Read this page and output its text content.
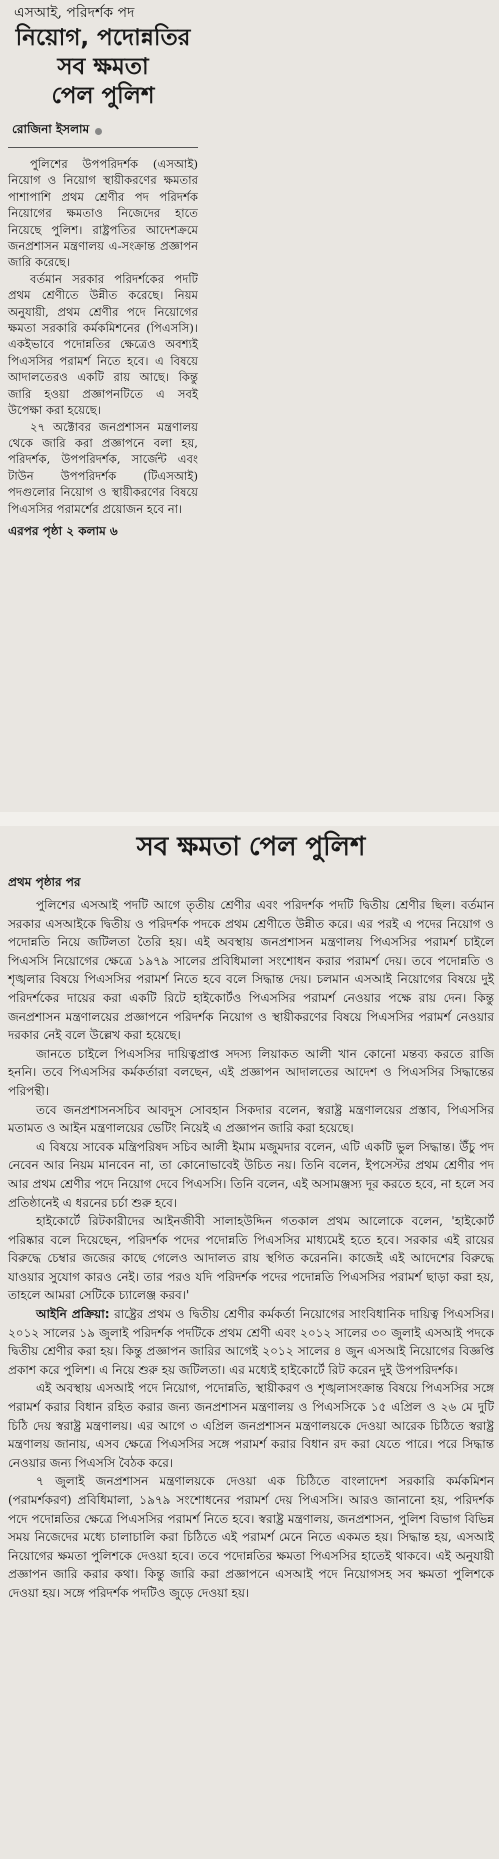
এসআই, পরিদর্শক পদ
নিয়োগ, পদোন্নতির
সব ক্ষমতা
পেল পুলিশ
রোজিনা ইসলাম

পুলিশের উপপরিদর্শক (এসআই) নিয়োগ ও নিয়োগ স্থায়ীকরণের ক্ষমতার পাশাপাশি প্রথম শ্রেণীর পদ পরিদর্শক নিয়োগের ক্ষমতাও নিজেদের হাতে নিয়েছে পুলিশ। রাষ্ট্রপতির আদেশক্রমে জনপ্রশাসন মন্ত্রণালয় এ-সংক্রান্ত প্রজ্ঞাপন জারি করেছে।

বর্তমান সরকার পরিদর্শকের পদটি প্রথম শ্রেণীতে উন্নীত করেছে। নিয়ম অনুযায়ী, প্রথম শ্রেণীর পদে নিয়োগের ক্ষমতা সরকারি কর্মকমিশনের (পিএসসি)। একইভাবে পদোন্নতির ক্ষেত্রেও অবশ্যই পিএসসির পরামর্শ নিতে হবে। এ বিষয়ে আদালতেরও একটি রায় আছে। কিন্তু জারি হওয়া প্রজ্ঞাপনটিতে এ সবই উপেক্ষা করা হয়েছে।

২৭ অক্টোবর জনপ্রশাসন মন্ত্রণালয় থেকে জারি করা প্রজ্ঞাপনে বলা হয়, পরিদর্শক, উপপরিদর্শক, সার্জেন্ট এবং টাউন উপপরিদর্শক (টিএসআই) পদগুলোর নিয়োগ ও স্থায়ীকরণের বিষয়ে পিএসসির পরামর্শের প্রয়োজন হবে না।

এরপর পৃষ্ঠা ২ কলাম ৬
সব ক্ষমতা পেল পুলিশ
প্রথম পৃষ্ঠার পর

পুলিশের এসআই পদটি আগে তৃতীয় শ্রেণীর এবং পরিদর্শক পদটি দ্বিতীয় শ্রেণীর ছিল। বর্তমান সরকার এসআইকে দ্বিতীয় ও পরিদর্শক পদকে প্রথম শ্রেণীতে উন্নীত করে। এর পরই এ পদের নিয়োগ ও পদোন্নতি নিয়ে জটিলতা তৈরি হয়। এই অবস্থায় জনপ্রশাসন মন্ত্রণালয় পিএসসির পরামর্শ চাইলে পিএসসি নিয়োগের ক্ষেত্রে ১৯৭৯ সালের প্রবিধিমালা সংশোধন করার পরামর্শ দেয়। তবে পদোন্নতি ও শৃঙ্খলার বিষয়ে পিএসসির পরামর্শ নিতে হবে বলে সিদ্ধান্ত দেয়। চলমান এসআই নিয়োগের বিষয়ে দুই পরিদর্শকের দায়ের করা একটি রিটে হাইকোর্টও পিএসসির পরামর্শ নেওয়ার পক্ষে রায় দেন। কিন্তু জনপ্রশাসন মন্ত্রণালয়ের প্রজ্ঞাপনে পরিদর্শক নিয়োগ ও স্থায়ীকরণের বিষয়ে পিএসসির পরামর্শ নেওয়ার দরকার নেই বলে উল্লেখ করা হয়েছে।

জানতে চাইলে পিএসসির দায়িত্বপ্রাপ্ত সদস্য লিয়াকত আলী খান কোনো মন্তব্য করতে রাজি হননি। তবে পিএসসির কর্মকর্তারা বলছেন, এই প্রজ্ঞাপন আদালতের আদেশ ও পিএসসির সিদ্ধান্তের পরিপন্থী।

তবে জনপ্রশাসনসচিব আবদুস সোবহান সিকদার বলেন, স্বরাষ্ট্র মন্ত্রণালয়ের প্রস্তাব, পিএসসির মতামত ও আইন মন্ত্রণালয়ের ভেটিং নিয়েই এ প্রজ্ঞাপন জারি করা হয়েছে।

এ বিষয়ে সাবেক মন্ত্রিপরিষদ সচিব আলী ইমাম মজুমদার বলেন, এটি একটি ভুল সিদ্ধান্ত। উঁচু পদ নেবেন আর নিয়ম মানবেন না, তা কোনোভাবেই উচিত নয়। তিনি বলেন, ইপসেস্টর প্রথম শ্রেণীর পদ আর প্রথম শ্রেণীর পদে নিয়োগ দেবে পিএসসি। তিনি বলেন, এই অসামঞ্জস্য দূর করতে হবে, না হলে সব প্রতিষ্ঠানেই এ ধরনের চর্চা শুরু হবে।

হাইকোর্টে রিটকারীদের আইনজীবী সালাহউদ্দিন গতকাল প্রথম আলোকে বলেন, 'হাইকোর্ট পরিষ্কার বলে দিয়েছেন, পরিদর্শক পদের পদোন্নতি পিএসসির মাধ্যমেই হতে হবে। সরকার এই রায়ের বিরুদ্ধে চেম্বার জজের কাছে গেলেও আদালত রায় স্থগিত করেননি। কাজেই এই আদেশের বিরুদ্ধে যাওয়ার সুযোগ কারও নেই। তার পরও যদি পরিদর্শক পদের পদোন্নতি পিএসসির পরামর্শ ছাড়া করা হয়, তাহলে আমরা সেটিকে চ্যালেঞ্জ করব।'

আইনি প্রক্রিয়া: রাষ্ট্রের প্রথম ও দ্বিতীয় শ্রেণীর কর্মকর্তা নিয়োগের সাংবিধানিক দায়িত্ব পিএসসির। ২০১২ সালের ১৯ জুলাই পরিদর্শক পদটিকে প্রথম শ্রেণী এবং ২০১২ সালের ৩০ জুলাই এসআই পদকে দ্বিতীয় শ্রেণীর করা হয়। কিন্তু প্রজ্ঞাপন জারির আগেই ২০১২ সালের ৪ জুন এসআই নিয়োগের বিজ্ঞপ্তি প্রকাশ করে পুলিশ। এ নিয়ে শুরু হয় জটিলতা। এর মধ্যেই হাইকোর্টে রিট করেন দুই উপপরিদর্শক।

এই অবস্থায় এসআই পদে নিয়োগ, পদোন্নতি, স্থায়ীকরণ ও শৃঙ্খলাসংক্রান্ত বিষয়ে পিএসসির সঙ্গে পরামর্শ করার বিধান রহিত করার জন্য জনপ্রশাসন মন্ত্রণালয় ও পিএসসিকে ১৫ এপ্রিল ও ২৬ মে দুটি চিঠি দেয় স্বরাষ্ট্র মন্ত্রণালয়। এর আগে ৩ এপ্রিল জনপ্রশাসন মন্ত্রণালয়কে দেওয়া আরেক চিঠিতে স্বরাষ্ট্র মন্ত্রণালয় জানায়, এসব ক্ষেত্রে পিএসসির সঙ্গে পরামর্শ করার বিধান রদ করা যেতে পারে। পরে সিদ্ধান্ত নেওয়ার জন্য পিএসসি বৈঠক করে।

৭ জুলাই জনপ্রশাসন মন্ত্রণালয়কে দেওয়া এক চিঠিতে বাংলাদেশ সরকারি কর্মকমিশন (পরামর্শকরণ) প্রবিধিমালা, ১৯৭৯ সংশোধনের পরামর্শ দেয় পিএসসি। আরও জানানো হয়, পরিদর্শক পদে পদোন্নতির ক্ষেত্রে পিএসসির পরামর্শ নিতে হবে। স্বরাষ্ট্র মন্ত্রণালয়, জনপ্রশাসন, পুলিশ বিভাগ বিভিন্ন সময় নিজেদের মধ্যে চালাচালি করা চিঠিতে এই পরামর্শ মেনে নিতে একমত হয়। সিদ্ধান্ত হয়, এসআই নিয়োগের ক্ষমতা পুলিশকে দেওয়া হবে। তবে পদোন্নতির ক্ষমতা পিএসসির হাতেই থাকবে। এই অনুযায়ী প্রজ্ঞাপন জারি করার কথা। কিন্তু জারি করা প্রজ্ঞাপনে এসআই পদে নিয়োগসহ সব ক্ষমতা পুলিশকে দেওয়া হয়। সঙ্গে পরিদর্শক পদটিও জুড়ে দেওয়া হয়।
